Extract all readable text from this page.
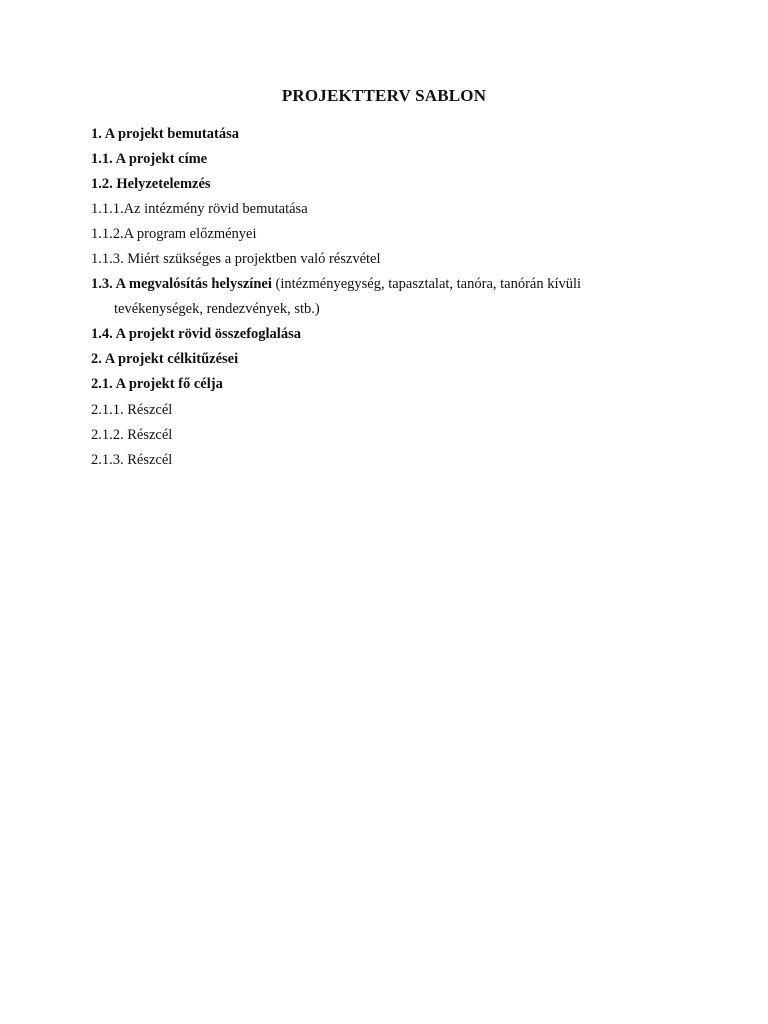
PROJEKTTERV SABLON
1. A projekt bemutatása
1.1. A projekt címe
1.2. Helyzetelemzés
1.1.1.Az intézmény rövid bemutatása
1.1.2.A program előzményei
1.1.3. Miért szükséges a projektben való részvétel
1.3. A megvalósítás helyszínei (intézményegység, tapasztalat, tanóra, tanórán kívüli
tevékenységek, rendezvények, stb.)
1.4. A projekt rövid összefoglalása
2. A projekt célkitűzései
2.1. A projekt fő célja
2.1.1. Részcél
2.1.2. Részcél
2.1.3. Részcél
